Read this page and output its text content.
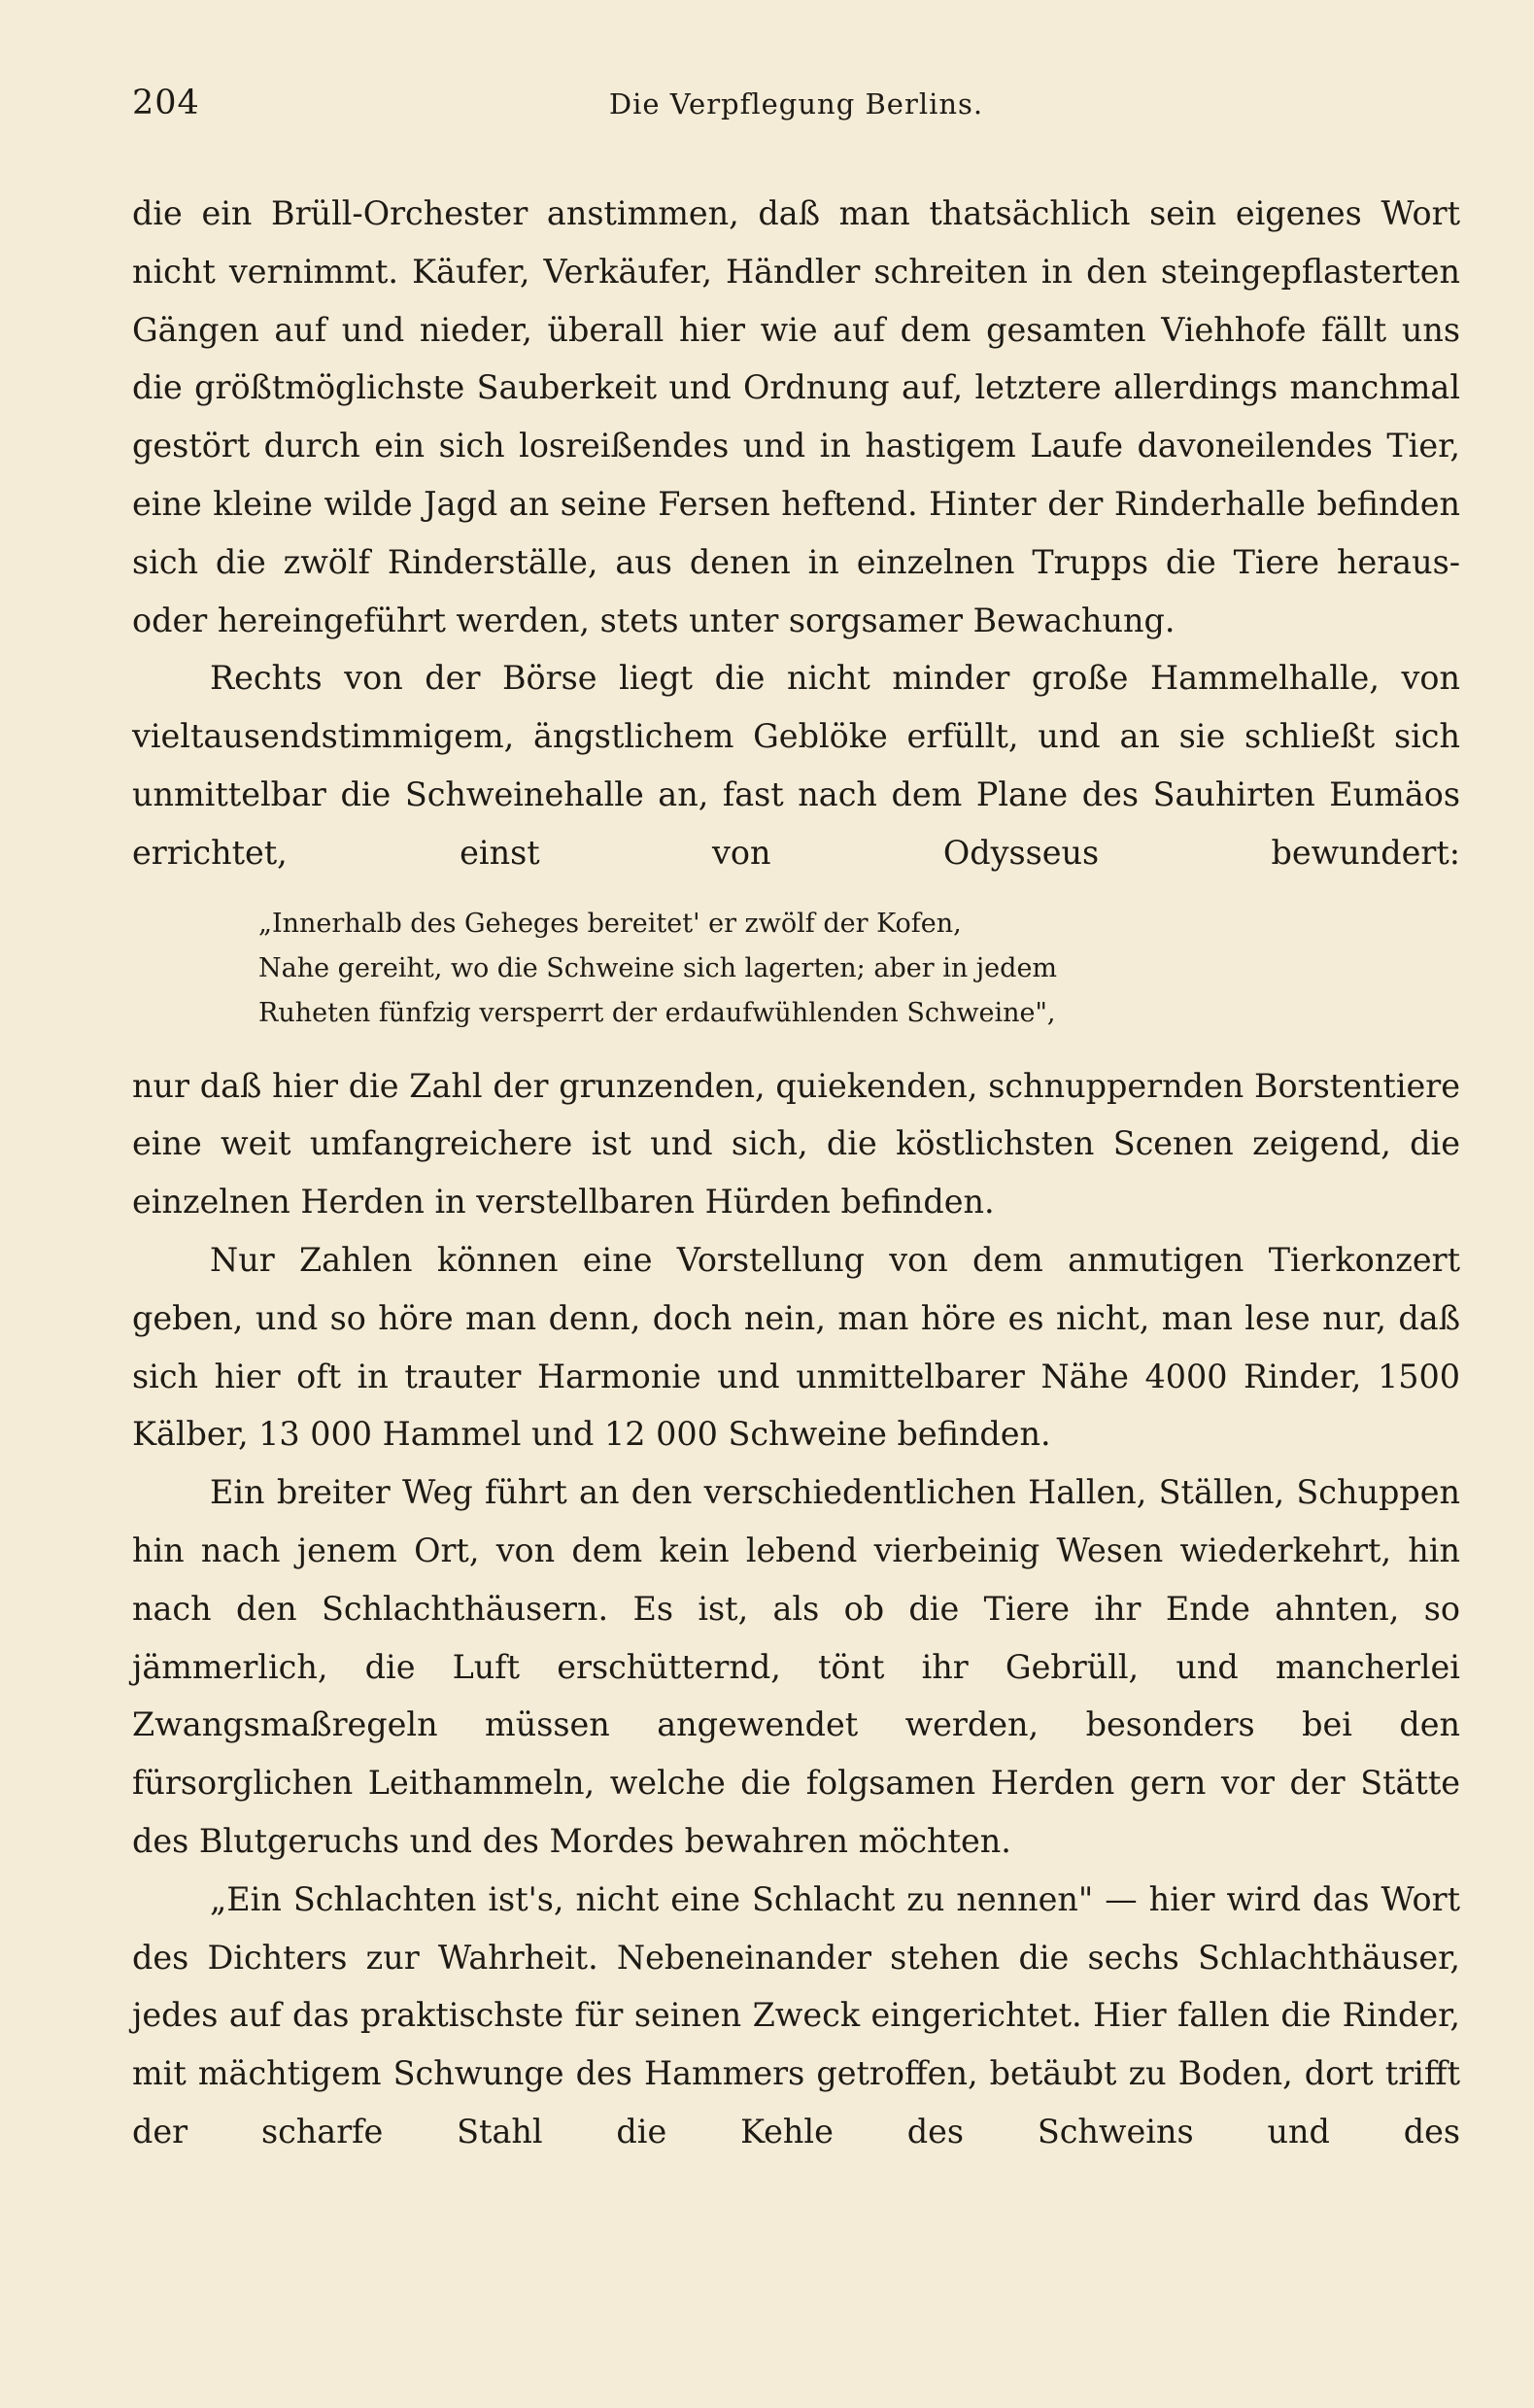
204	Die Verpflegung Berlins.

die ein Brüll-Orchester anstimmen, daß man thatsächlich sein eigenes Wort nicht vernimmt. Käufer, Verkäufer, Händler schreiten in den steingepflasterten Gängen auf und nieder, überall hier wie auf dem gesamten Viehhofe fällt uns die größtmöglichste Sauberkeit und Ordnung auf, letztere allerdings manchmal gestört durch ein sich losreißendes und in hastigem Laufe davoneilendes Tier, eine kleine wilde Jagd an seine Fersen heftend. Hinter der Rinderhalle befinden sich die zwölf Rinderställe, aus denen in einzelnen Trupps die Tiere heraus- oder hereingeführt werden, stets unter sorgsamer Bewachung.

Rechts von der Börse liegt die nicht minder große Hammelhalle, von vieltausendstimmigem, ängstlichem Geblöke erfüllt, und an sie schließt sich unmittelbar die Schweinehalle an, fast nach dem Plane des Sauhirten Eumäos errichtet, einst von Odysseus bewundert:

„Innerhalb des Geheges bereitet' er zwölf der Kofen,
Nahe gereiht, wo die Schweine sich lagerten; aber in jedem
Ruheten fünfzig versperrt der erdaufwühlenden Schweine",

nur daß hier die Zahl der grunzenden, quiekenden, schnuppernden Borstentiere eine weit umfangreichere ist und sich, die köstlichsten Scenen zeigend, die einzelnen Herden in verstellbaren Hürden befinden.

Nur Zahlen können eine Vorstellung von dem anmutigen Tierkonzert geben, und so höre man denn, doch nein, man höre es nicht, man lese nur, daß sich hier oft in trauter Harmonie und unmittelbarer Nähe 4000 Rinder, 1500 Kälber, 13 000 Hammel und 12 000 Schweine befinden.

Ein breiter Weg führt an den verschiedentlichen Hallen, Ställen, Schuppen hin nach jenem Ort, von dem kein lebend vierbeinig Wesen wiederkehrt, hin nach den Schlachthäusern. Es ist, als ob die Tiere ihr Ende ahnten, so jämmerlich, die Luft erschütternd, tönt ihr Gebrüll, und mancherlei Zwangsmaßregeln müssen angewendet werden, besonders bei den fürsorglichen Leithammeln, welche die folgsamen Herden gern vor der Stätte des Blutgeruchs und des Mordes bewahren möchten.

„Ein Schlachten ist's, nicht eine Schlacht zu nennen" — hier wird das Wort des Dichters zur Wahrheit. Nebeneinander stehen die sechs Schlachthäuser, jedes auf das praktischste für seinen Zweck eingerichtet. Hier fallen die Rinder, mit mächtigem Schwunge des Hammers getroffen, betäubt zu Boden, dort trifft der scharfe Stahl die Kehle des Schweins und des
